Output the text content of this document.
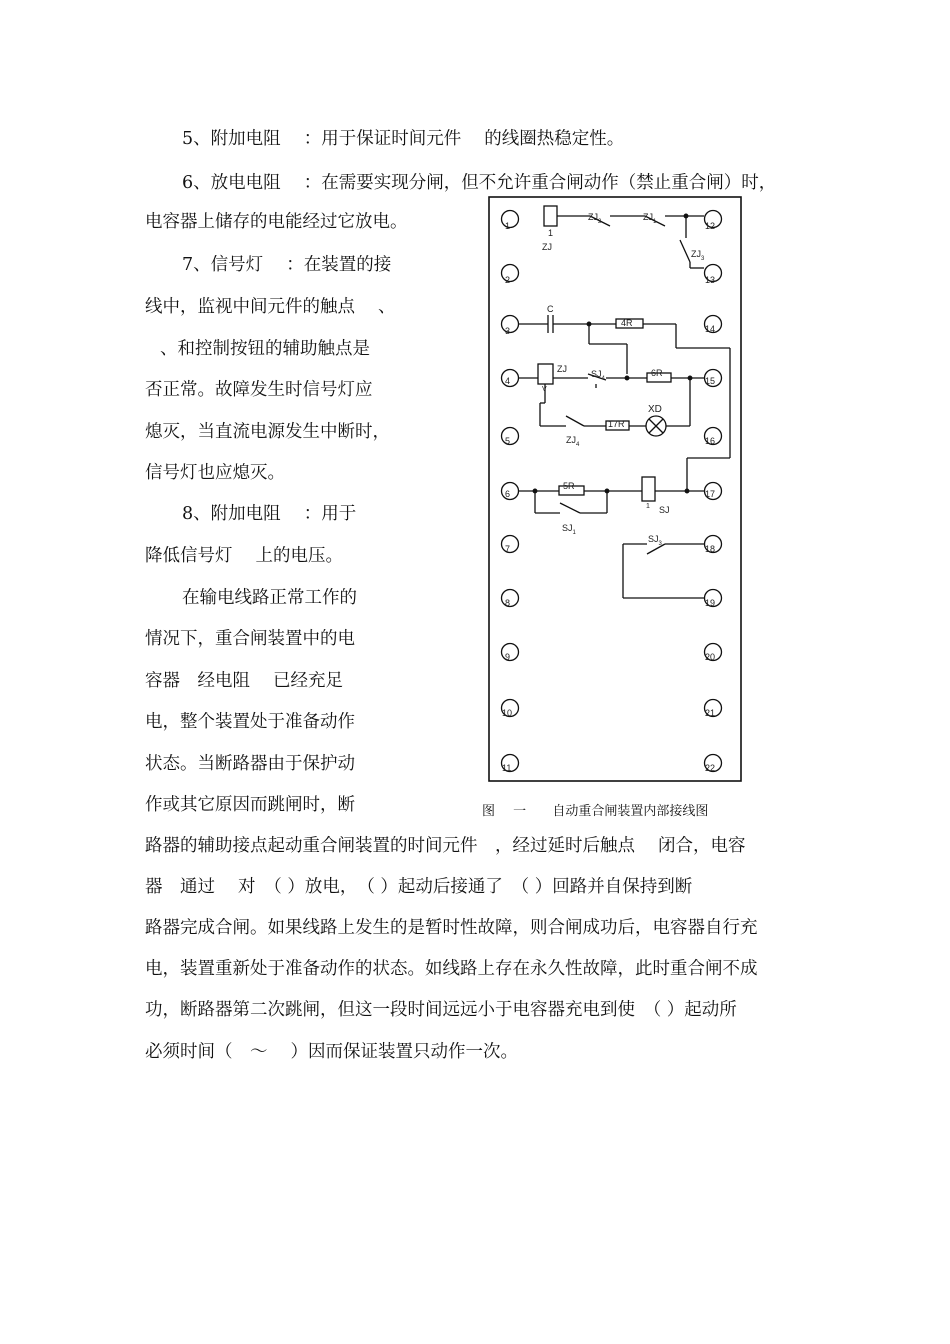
5、附加电阻　 ：用于保证时间元件　 的线圈热稳定性。
6、放电电阻　 ：在需要实现分闸，但不允许重合闸动作（禁止重合闸）时，
电容器上储存的电能经过它放电。
7、信号灯　 ：在装置的接
线中，监视中间元件的触点　 、
、和控制按钮的辅助触点是
否正常。故障发生时信号灯应
熄灭，当直流电源发生中断时，
信号灯也应熄灭。
8、附加电阻　 ：用于
降低信号灯　 上的电压。
在输电线路正常工作的
情况下，重合闸装置中的电
容器　经电阻　 已经充足
电，整个装置处于准备动作
状态。当断路器由于保护动
作或其它原因而跳闸时，断
路器的辅助接点起动重合闸装置的时间元件　，经过延时后触点　 闭合，电容
器　通过　 对　（ ）放电，　（ ）起动后接通了　（ ）回路并自保持到断
路器完成合闸。如果线路上发生的是暂时性故障，则合闸成功后，电容器自行充
电，装置重新处于准备动作的状态。如线路上存在永久性故障，此时重合闸不成
功，断路器第二次跳闸，但这一段时间远远小于电容器充电到使　（ ）起动所
必须时间（　～　 ）因而保证装置只动作一次。
1
2
3
4
5
6
7
8
9
10
11
12
13
14
15
16
17
18
19
20
21
22
1
ZJ
$ZJ_2$	$ZJ_1$
$ZJ_3$
C
4R
ZJ
V
$SJ_4$
6R
17R
XD
$ZJ_4$
5R
1 SJ
$SJ_1$
$SJ_3$
图 一 自动重合闸装置内部接线图
